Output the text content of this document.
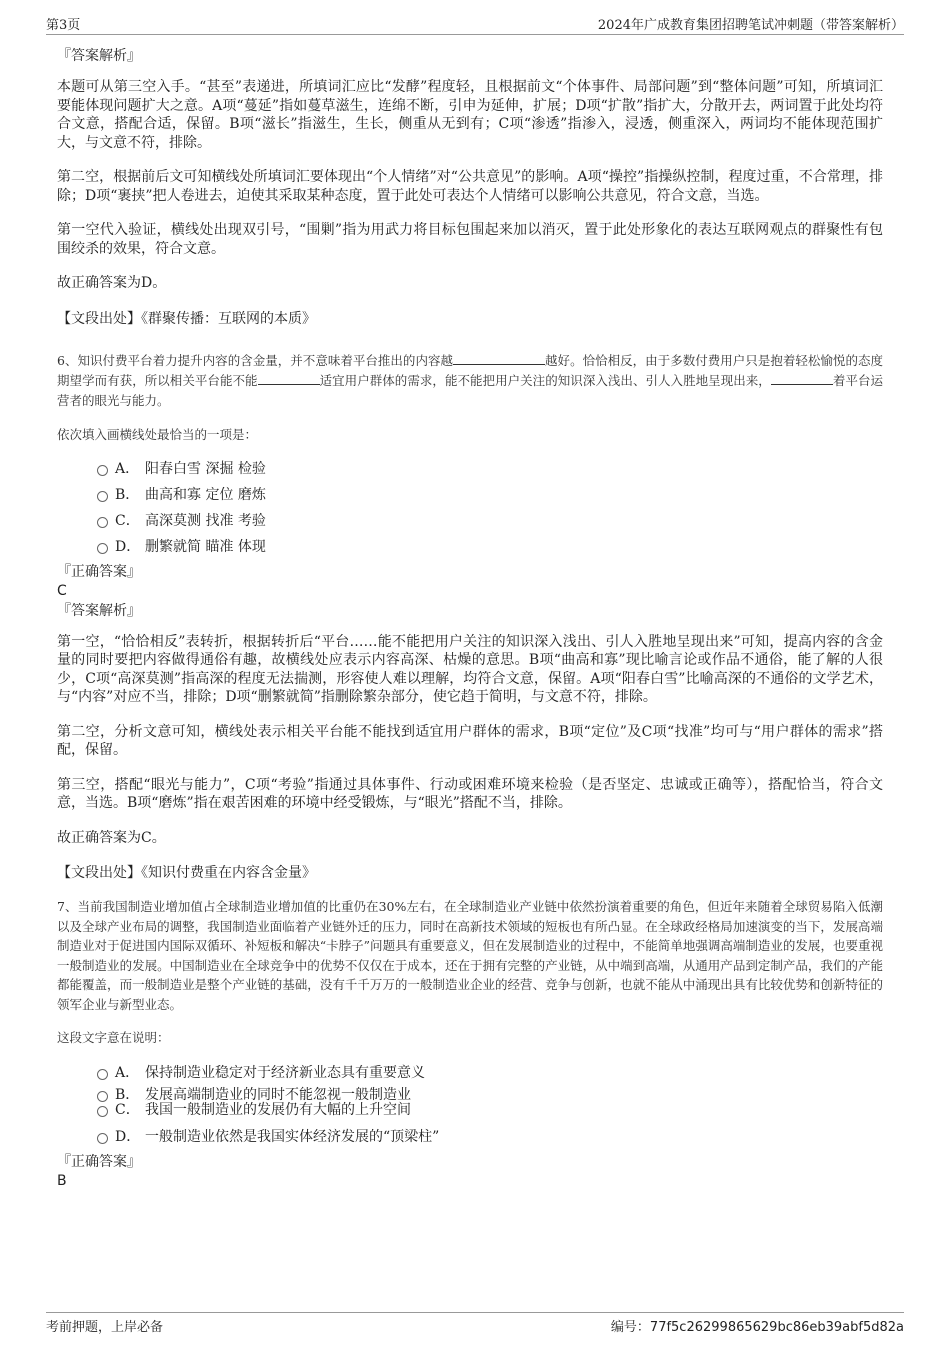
第3页	2024年广成教育集团招聘笔试冲刺题（带答案解析）

『答案解析』

本题可从第三空入手。“甚至”表递进，所填词汇应比“发酵”程度轻，且根据前文“个体事件、局部问题”到“整体问题”可知，所填词汇要能体现问题扩大之意。A项“蔓延”指如蔓草滋生，连绵不断，引申为延伸，扩展；D项“扩散”指扩大，分散开去，两词置于此处均符合文意，搭配合适，保留。B项“滋长”指滋生，生长，侧重从无到有；C项“渗透”指渗入，浸透，侧重深入，两词均不能体现范围扩大，与文意不符，排除。

第二空，根据前后文可知横线处所填词汇要体现出“个人情绪”对“公共意见”的影响。A项“操控”指操纵控制，程度过重，不合常理，排除；D项“裹挟”把人卷进去，迫使其采取某种态度，置于此处可表达个人情绪可以影响公共意见，符合文意，当选。

第一空代入验证，横线处出现双引号，“围剿”指为用武力将目标包围起来加以消灭，置于此处形象化的表达互联网观点的群聚性有包围绞杀的效果，符合文意。

故正确答案为D。

【文段出处】《群聚传播：互联网的本质》

6、知识付费平台着力提升内容的含金量，并不意味着平台推出的内容越	越好。恰恰相反，由于多数付费用户只是抱着轻松愉悦的态度期望学而有获，所以相关平台能不能	适宜用户群体的需求，能不能把用户关注的知识深入浅出、引人入胜地呈现出来，	着平台运营者的眼光与能力。

依次填入画横线处最恰当的一项是：

A． 阳春白雪 深掘 检验
B． 曲高和寡 定位 磨炼
C． 高深莫测 找准 考验
D． 删繁就简 瞄准 体现

『正确答案』

C

『答案解析』

第一空，“恰恰相反”表转折，根据转折后“平台……能不能把用户关注的知识深入浅出、引人入胜地呈现出来”可知，提高内容的含金量的同时要把内容做得通俗有趣，故横线处应表示内容高深、枯燥的意思。B项“曲高和寡”现比喻言论或作品不通俗，能了解的人很少，C项“高深莫测”指高深的程度无法揣测，形容使人难以理解，均符合文意，保留。A项“阳春白雪”比喻高深的不通俗的文学艺术，与“内容”对应不当，排除；D项“删繁就简”指删除繁杂部分，使它趋于简明，与文意不符，排除。

第二空，分析文意可知，横线处表示相关平台能不能找到适宜用户群体的需求，B项“定位”及C项“找准”均可与“用户群体的需求”搭配，保留。

第三空，搭配“眼光与能力”，C项“考验”指通过具体事件、行动或困难环境来检验（是否坚定、忠诚或正确等），搭配恰当，符合文意，当选。B项“磨炼”指在艰苦困难的环境中经受锻炼，与“眼光”搭配不当，排除。

故正确答案为C。

【文段出处】《知识付费重在内容含金量》

7、当前我国制造业增加值占全球制造业增加值的比重仍在30%左右，在全球制造业产业链中依然扮演着重要的角色，但近年来随着全球贸易陷入低潮以及全球产业布局的调整，我国制造业面临着产业链外迁的压力，同时在高新技术领域的短板也有所凸显。在全球政经格局加速演变的当下，发展高端制造业对于促进国内国际双循环、补短板和解决“卡脖子”问题具有重要意义，但在发展制造业的过程中，不能简单地强调高端制造业的发展，也要重视一般制造业的发展。中国制造业在全球竞争中的优势不仅仅在于成本，还在于拥有完整的产业链，从中端到高端，从通用产品到定制产品，我们的产能都能覆盖，而一般制造业是整个产业链的基础，没有千千万万的一般制造业企业的经营、竞争与创新，也就不能从中涌现出具有比较优势和创新特征的领军企业与新型业态。

这段文字意在说明：

A． 保持制造业稳定对于经济新业态具有重要意义
B． 发展高端制造业的同时不能忽视一般制造业
C． 我国一般制造业的发展仍有大幅的上升空间
D． 一般制造业依然是我国实体经济发展的“顶梁柱”

『正确答案』

B

考前押题，上岸必备	编号：77f5c26299865629bc86eb39abf5d82a
